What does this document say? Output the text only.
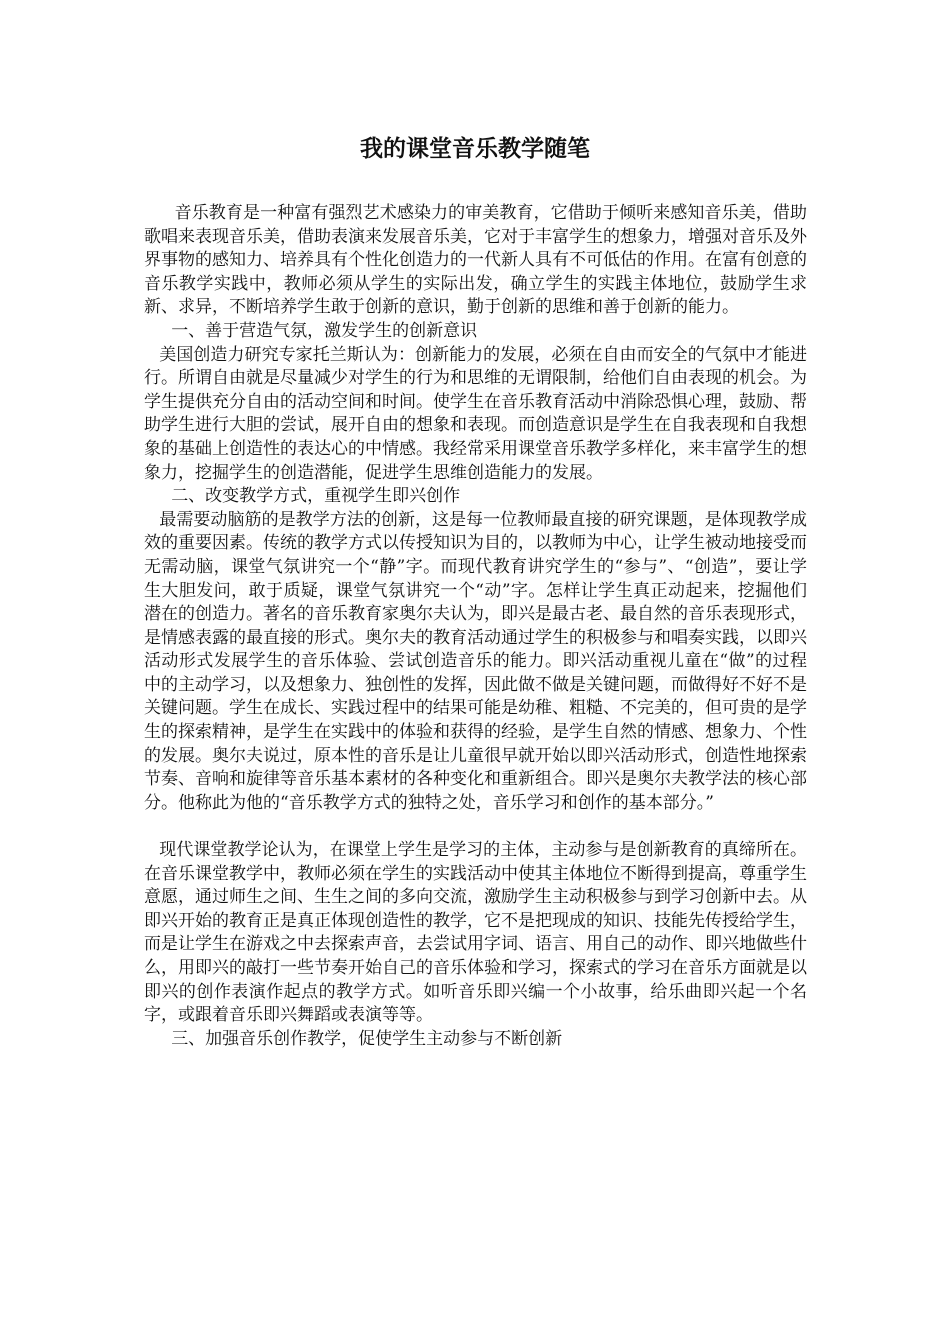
我的课堂音乐教学随笔

音乐教育是一种富有强烈艺术感染力的审美教育，它借助于倾听来感知音乐美，借助歌唱来表现音乐美，借助表演来发展音乐美，它对于丰富学生的想象力，增强对音乐及外界事物的感知力、培养具有个性化创造力的一代新人具有不可低估的作用。在富有创意的音乐教学实践中，教师必须从学生的实际出发，确立学生的实践主体地位，鼓励学生求新、求异，不断培养学生敢于创新的意识，勤于创新的思维和善于创新的能力。

一、善于营造气氛，激发学生的创新意识

美国创造力研究专家托兰斯认为：创新能力的发展，必须在自由而安全的气氛中才能进行。所谓自由就是尽量减少对学生的行为和思维的无谓限制，给他们自由表现的机会。为学生提供充分自由的活动空间和时间。使学生在音乐教育活动中消除恐惧心理，鼓励、帮助学生进行大胆的尝试，展开自由的想象和表现。而创造意识是学生在自我表现和自我想象的基础上创造性的表达心的中情感。我经常采用课堂音乐教学多样化，来丰富学生的想象力，挖掘学生的创造潜能，促进学生思维创造能力的发展。

二、改变教学方式，重视学生即兴创作

最需要动脑筋的是教学方法的创新，这是每一位教师最直接的研究课题，是体现教学成效的重要因素。传统的教学方式以传授知识为目的，以教师为中心，让学生被动地接受而无需动脑，课堂气氛讲究一个“静”字。而现代教育讲究学生的“参与”、“创造”，要让学生大胆发问，敢于质疑，课堂气氛讲究一个“动”字。怎样让学生真正动起来，挖掘他们潜在的创造力。著名的音乐教育家奥尔夫认为，即兴是最古老、最自然的音乐表现形式，是情感表露的最直接的形式。奥尔夫的教育活动通过学生的积极参与和唱奏实践，以即兴活动形式发展学生的音乐体验、尝试创造音乐的能力。即兴活动重视儿童在“做”的过程中的主动学习，以及想象力、独创性的发挥，因此做不做是关键问题，而做得好不好不是关键问题。学生在成长、实践过程中的结果可能是幼稚、粗糙、不完美的，但可贵的是学生的探索精神，是学生在实践中的体验和获得的经验，是学生自然的情感、想象力、个性的发展。奥尔夫说过，原本性的音乐是让儿童很早就开始以即兴活动形式，创造性地探索节奏、音响和旋律等音乐基本素材的各种变化和重新组合。即兴是奥尔夫教学法的核心部分。他称此为他的“音乐教学方式的独特之处，音乐学习和创作的基本部分。”

现代课堂教学论认为，在课堂上学生是学习的主体，主动参与是创新教育的真缔所在。在音乐课堂教学中，教师必须在学生的实践活动中使其主体地位不断得到提高，尊重学生意愿，通过师生之间、生生之间的多向交流，激励学生主动积极参与到学习创新中去。从即兴开始的教育正是真正体现创造性的教学，它不是把现成的知识、技能先传授给学生，而是让学生在游戏之中去探索声音，去尝试用字词、语言、用自己的动作、即兴地做些什么，用即兴的敲打一些节奏开始自己的音乐体验和学习，探索式的学习在音乐方面就是以即兴的创作表演作起点的教学方式。如听音乐即兴编一个小故事，给乐曲即兴起一个名字，或跟着音乐即兴舞蹈或表演等等。

三、加强音乐创作教学，促使学生主动参与不断创新
